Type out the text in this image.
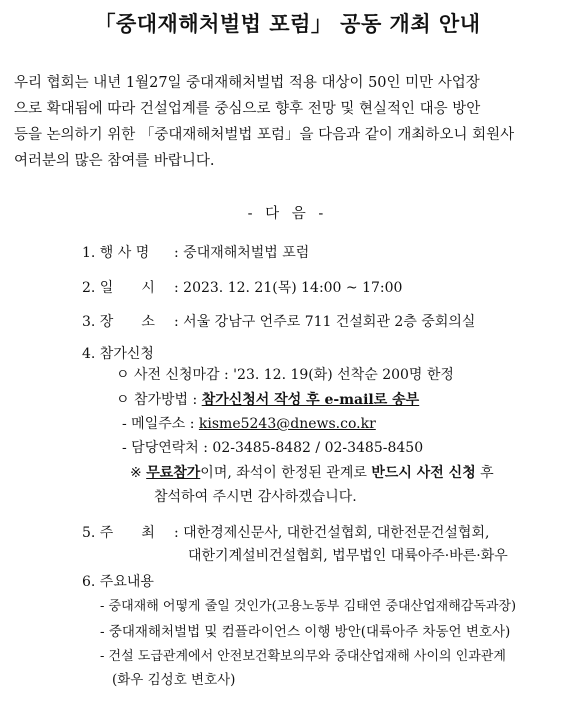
「중대재해처벌법 포럼」 공동 개최 안내

우리 협회는 내년 1월27일 중대재해처벌법 적용 대상이 50인 미만 사업장

으로 확대됨에 따라 건설업계를 중심으로 향후 전망 및 현실적인 대응 방안

등을 논의하기 위한 「중대재해처벌법 포럼」을 다음과 같이 개최하오니 회원사

여러분의 많은 참여를 바랍니다.

- 다 음 -
1. 행 사 명 : 중대재해처벌법 포럼
2. 일　　시 : 2023. 12. 21(목) 14:00 ~ 17:00
3. 장　　소 : 서울 강남구 언주로 711 건설회관 2층 중회의실
4. 참가신청
ㅇ 사전 신청마감 : '23. 12. 19(화) 선착순 200명 한정
ㅇ 참가방법 : 참가신청서 작성 후 e-mail로 송부
- 메일주소 : kisme5243@dnews.co.kr
- 담당연락처 : 02-3485-8482 / 02-3485-8450
※ 무료참가이며, 좌석이 한정된 관계로 반드시 사전 신청 후
참석하여 주시면 감사하겠습니다.
5. 주　　최 : 대한경제신문사, 대한건설협회, 대한전문건설협회,
대한기계설비건설협회, 법무법인 대륙아주·바른·화우
6. 주요내용
- 중대재해 어떻게 줄일 것인가(고용노동부 김태연 중대산업재해감독과장)
- 중대재해처벌법 및 컴플라이언스 이행 방안(대륙아주 차동언 변호사)
- 건설 도급관계에서 안전보건확보의무와 중대산업재해 사이의 인과관계
(화우 김성호 변호사)
